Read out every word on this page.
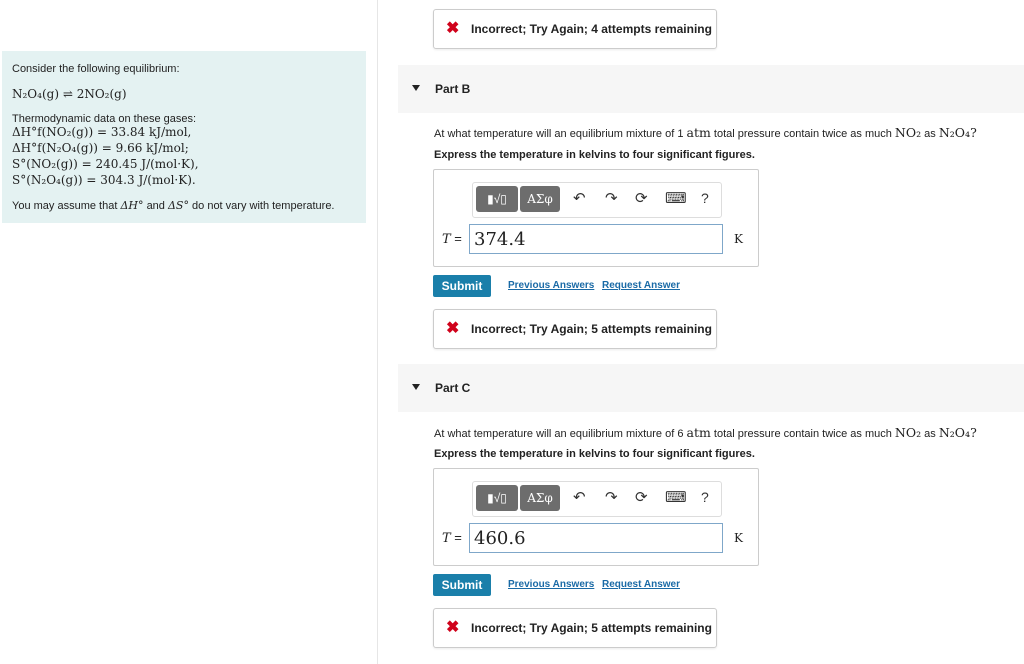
Consider the following equilibrium:
N₂O₄(g) ⇌ 2NO₂(g)
Thermodynamic data on these gases:
ΔH°f(NO₂(g)) = 33.84 kJ/mol,
ΔH°f(N₂O₄(g)) = 9.66 kJ/mol;
S°(NO₂(g)) = 240.45 J/(mol·K),
S°(N₂O₄(g)) = 304.3 J/(mol·K).
You may assume that ΔH° and ΔS° do not vary with temperature.
✖ Incorrect; Try Again; 4 attempts remaining
Part B
At what temperature will an equilibrium mixture of 1 atm total pressure contain twice as much NO₂ as N₂O₄?
Express the temperature in kelvins to four significant figures.
▮√▯	ΑΣφ	↶ ↷ ⟳ ⌨ ?
T = 374.4	K
Submit	Previous Answers Request Answer
✖ Incorrect; Try Again; 5 attempts remaining
Part C
At what temperature will an equilibrium mixture of 6 atm total pressure contain twice as much NO₂ as N₂O₄?
Express the temperature in kelvins to four significant figures.
▮√▯	ΑΣφ	↶ ↷ ⟳ ⌨ ?
T = 460.6	K
Submit	Previous Answers Request Answer
✖ Incorrect; Try Again; 5 attempts remaining
